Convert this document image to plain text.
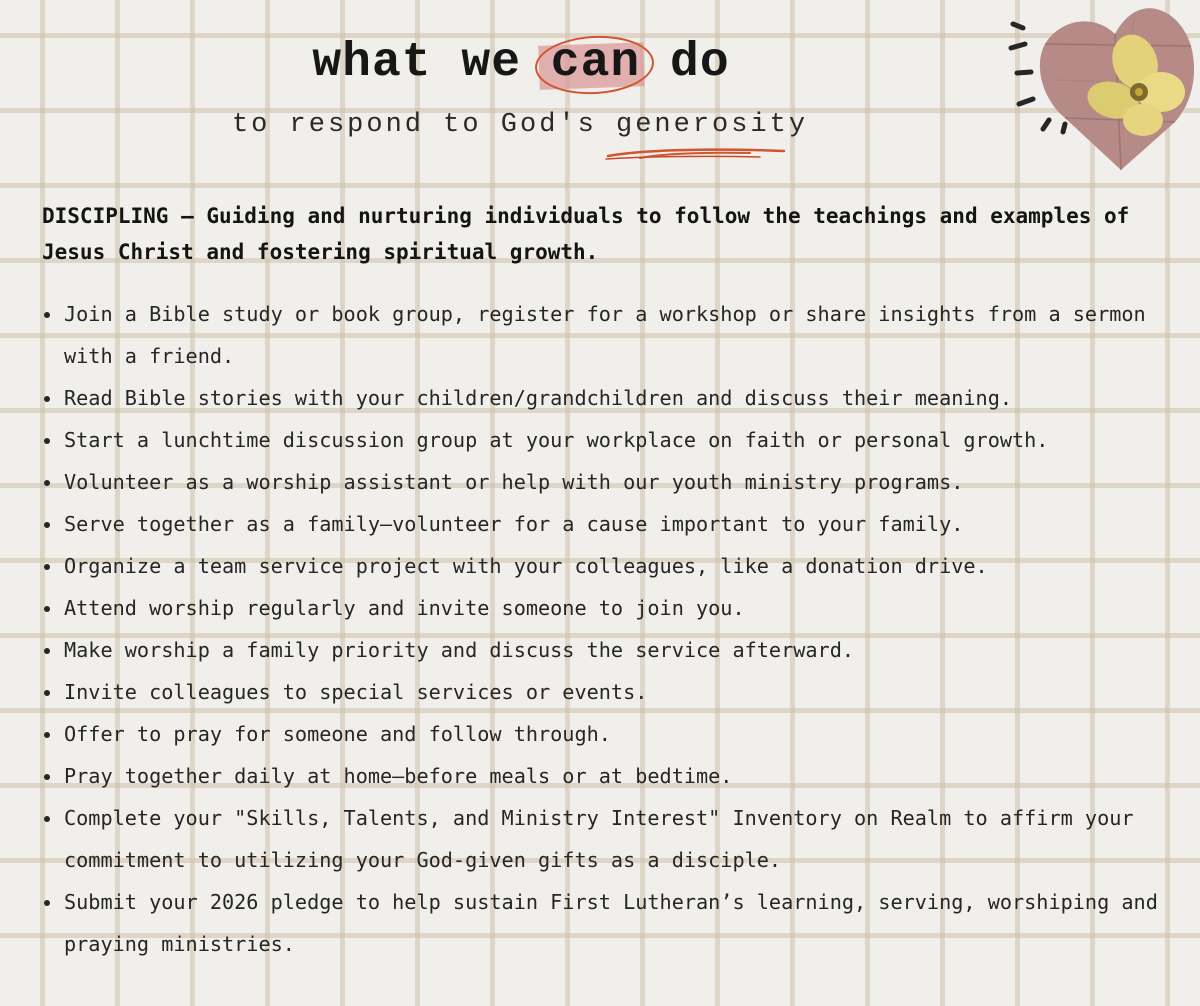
what we can do
to respond to God's generosity
DISCIPLING – Guiding and nurturing individuals to follow the teachings and examples of Jesus Christ and fostering spiritual growth.
Join a Bible study or book group, register for a workshop or share insights from a sermon with a friend.
Read Bible stories with your children/grandchildren and discuss their meaning.
Start a lunchtime discussion group at your workplace on faith or personal growth.
Volunteer as a worship assistant or help with our youth ministry programs.
Serve together as a family—volunteer for a cause important to your family.
Organize a team service project with your colleagues, like a donation drive.
Attend worship regularly and invite someone to join you.
Make worship a family priority and discuss the service afterward.
Invite colleagues to special services or events.
Offer to pray for someone and follow through.
Pray together daily at home—before meals or at bedtime.
Complete your "Skills, Talents, and Ministry Interest" Inventory on Realm to affirm your commitment to utilizing your God-given gifts as a disciple.
Submit your 2026 pledge to help sustain First Lutheran’s learning, serving, worshiping and praying ministries.
